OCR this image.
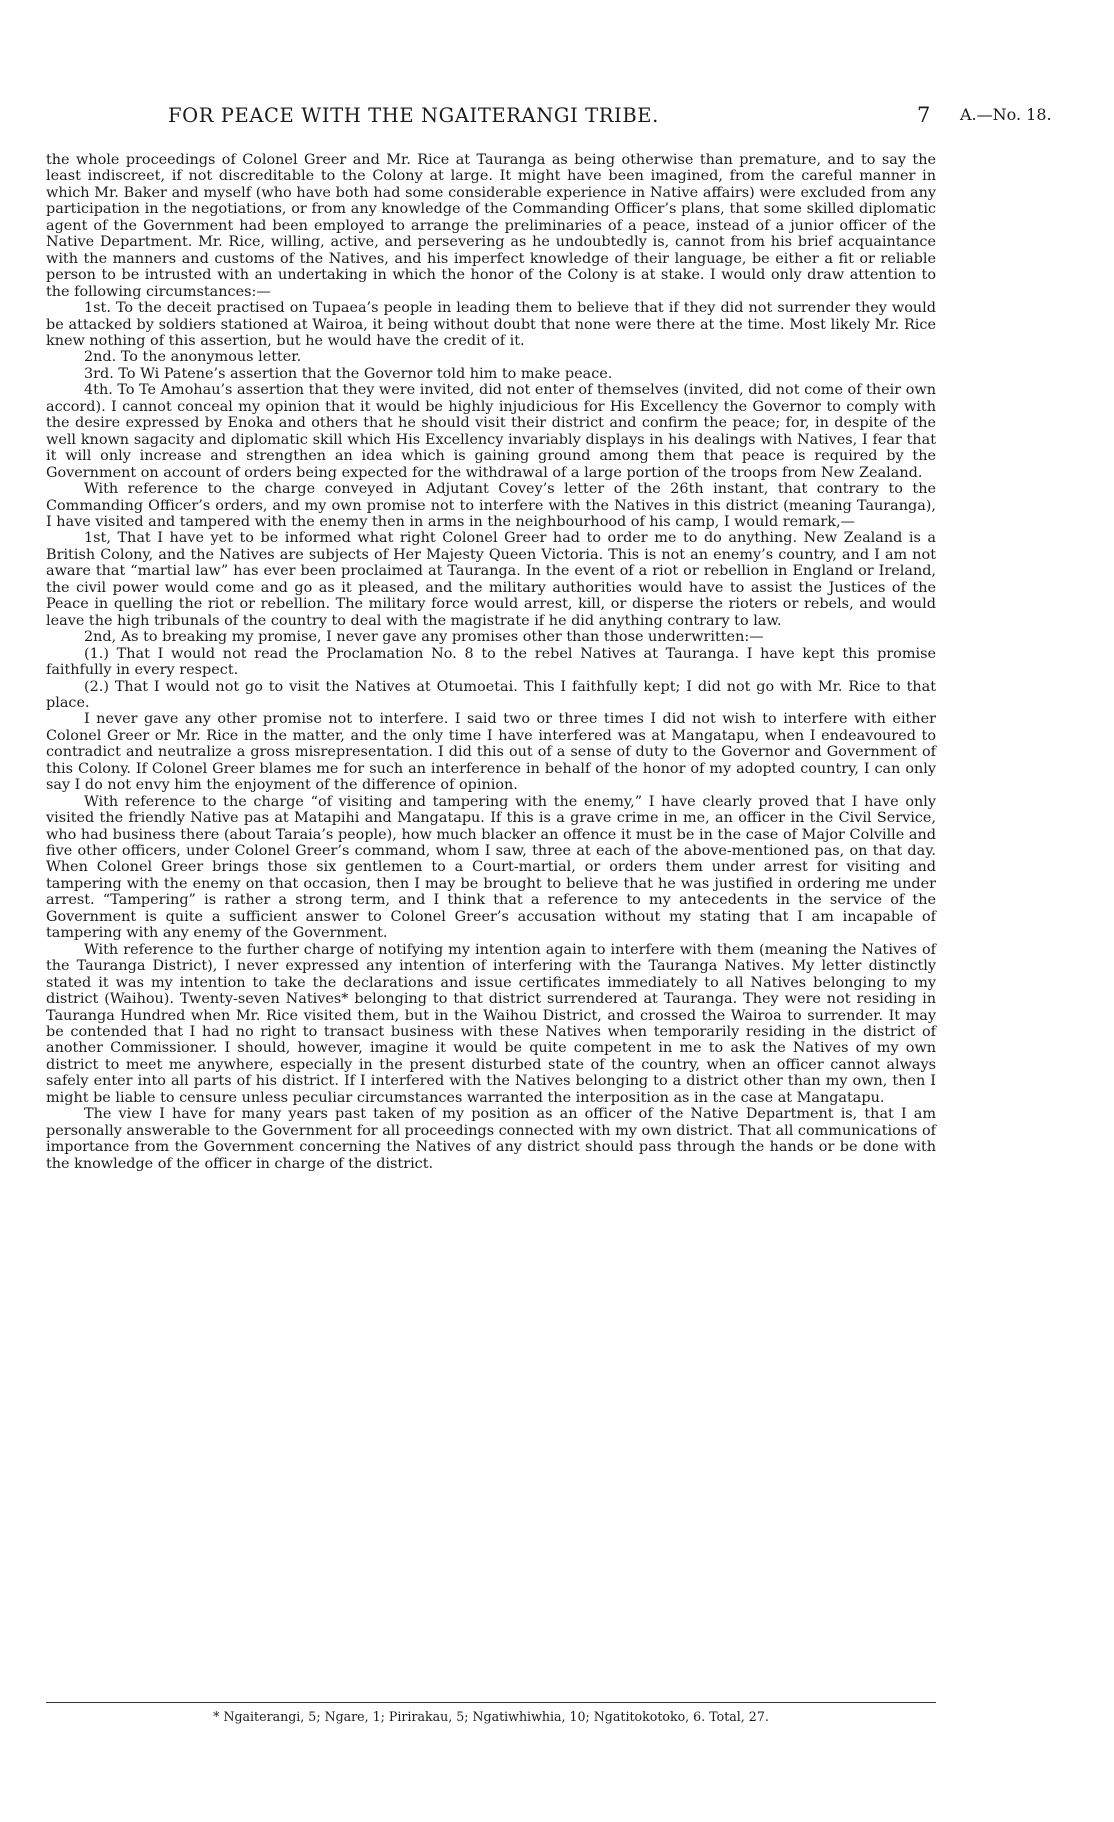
FOR PEACE WITH THE NGAITERANGI TRIBE.	7 A.—No. 18.

the whole proceedings of Colonel Greer and Mr. Rice at Tauranga as being otherwise than premature, and to say the least indiscreet, if not discreditable to the Colony at large. It might have been imagined, from the careful manner in which Mr. Baker and myself (who have both had some considerable experience in Native affairs) were excluded from any participation in the negotiations, or from any knowledge of the Commanding Officer’s plans, that some skilled diplomatic agent of the Government had been employed to arrange the preliminaries of a peace, instead of a junior officer of the Native Department. Mr. Rice, willing, active, and persevering as he undoubtedly is, cannot from his brief acquaintance with the manners and customs of the Natives, and his imperfect knowledge of their language, be either a fit or reliable person to be intrusted with an undertaking in which the honor of the Colony is at stake. I would only draw attention to the following circumstances:—

1st. To the deceit practised on Tupaea’s people in leading them to believe that if they did not surrender they would be attacked by soldiers stationed at Wairoa, it being without doubt that none were there at the time. Most likely Mr. Rice knew nothing of this assertion, but he would have the credit of it.

2nd. To the anonymous letter.

3rd. To Wi Patene’s assertion that the Governor told him to make peace.

4th. To Te Amohau’s assertion that they were invited, did not enter of themselves (invited, did not come of their own accord). I cannot conceal my opinion that it would be highly injudicious for His Excellency the Governor to comply with the desire expressed by Enoka and others that he should visit their district and confirm the peace; for, in despite of the well known sagacity and diplomatic skill which His Excellency invariably displays in his dealings with Natives, I fear that it will only increase and strengthen an idea which is gaining ground among them that peace is required by the Government on account of orders being expected for the withdrawal of a large portion of the troops from New Zealand.

With reference to the charge conveyed in Adjutant Covey’s letter of the 26th instant, that contrary to the Commanding Officer’s orders, and my own promise not to interfere with the Natives in this district (meaning Tauranga), I have visited and tampered with the enemy then in arms in the neighbourhood of his camp, I would remark,—

1st, That I have yet to be informed what right Colonel Greer had to order me to do anything. New Zealand is a British Colony, and the Natives are subjects of Her Majesty Queen Victoria. This is not an enemy’s country, and I am not aware that “martial law” has ever been proclaimed at Tauranga. In the event of a riot or rebellion in England or Ireland, the civil power would come and go as it pleased, and the military authorities would have to assist the Justices of the Peace in quelling the riot or rebellion. The military force would arrest, kill, or disperse the rioters or rebels, and would leave the high tribunals of the country to deal with the magistrate if he did anything contrary to law.

2nd, As to breaking my promise, I never gave any promises other than those underwritten:—

(1.) That I would not read the Proclamation No. 8 to the rebel Natives at Tauranga. I have kept this promise faithfully in every respect.

(2.) That I would not go to visit the Natives at Otumoetai. This I faithfully kept; I did not go with Mr. Rice to that place.

I never gave any other promise not to interfere. I said two or three times I did not wish to interfere with either Colonel Greer or Mr. Rice in the matter, and the only time I have interfered was at Mangatapu, when I endeavoured to contradict and neutralize a gross misrepresentation. I did this out of a sense of duty to the Governor and Government of this Colony. If Colonel Greer blames me for such an interference in behalf of the honor of my adopted country, I can only say I do not envy him the enjoyment of the difference of opinion.

With reference to the charge “of visiting and tampering with the enemy,” I have clearly proved that I have only visited the friendly Native pas at Matapihi and Mangatapu. If this is a grave crime in me, an officer in the Civil Service, who had business there (about Taraia’s people), how much blacker an offence it must be in the case of Major Colville and five other officers, under Colonel Greer’s command, whom I saw, three at each of the above-mentioned pas, on that day. When Colonel Greer brings those six gentlemen to a Court-martial, or orders them under arrest for visiting and tampering with the enemy on that occasion, then I may be brought to believe that he was justified in ordering me under arrest. “Tampering” is rather a strong term, and I think that a reference to my antecedents in the service of the Government is quite a sufficient answer to Colonel Greer’s accusation without my stating that I am incapable of tampering with any enemy of the Government.

With reference to the further charge of notifying my intention again to interfere with them (meaning the Natives of the Tauranga District), I never expressed any intention of interfering with the Tauranga Natives. My letter distinctly stated it was my intention to take the declarations and issue certificates immediately to all Natives belonging to my district (Waihou). Twenty-seven Natives* belonging to that district surrendered at Tauranga. They were not residing in Tauranga Hundred when Mr. Rice visited them, but in the Waihou District, and crossed the Wairoa to surrender. It may be contended that I had no right to transact business with these Natives when temporarily residing in the district of another Commissioner. I should, however, imagine it would be quite competent in me to ask the Natives of my own district to meet me anywhere, especially in the present disturbed state of the country, when an officer cannot always safely enter into all parts of his district. If I interfered with the Natives belonging to a district other than my own, then I might be liable to censure unless peculiar circumstances warranted the interposition as in the case at Mangatapu.

The view I have for many years past taken of my position as an officer of the Native Department is, that I am personally answerable to the Government for all proceedings connected with my own district. That all communications of importance from the Government concerning the Natives of any district should pass through the hands or be done with the knowledge of the officer in charge of the district.

* Ngaiterangi, 5; Ngare, 1; Pirirakau, 5; Ngatiwhiwhia, 10; Ngatitokotoko, 6. Total, 27.
